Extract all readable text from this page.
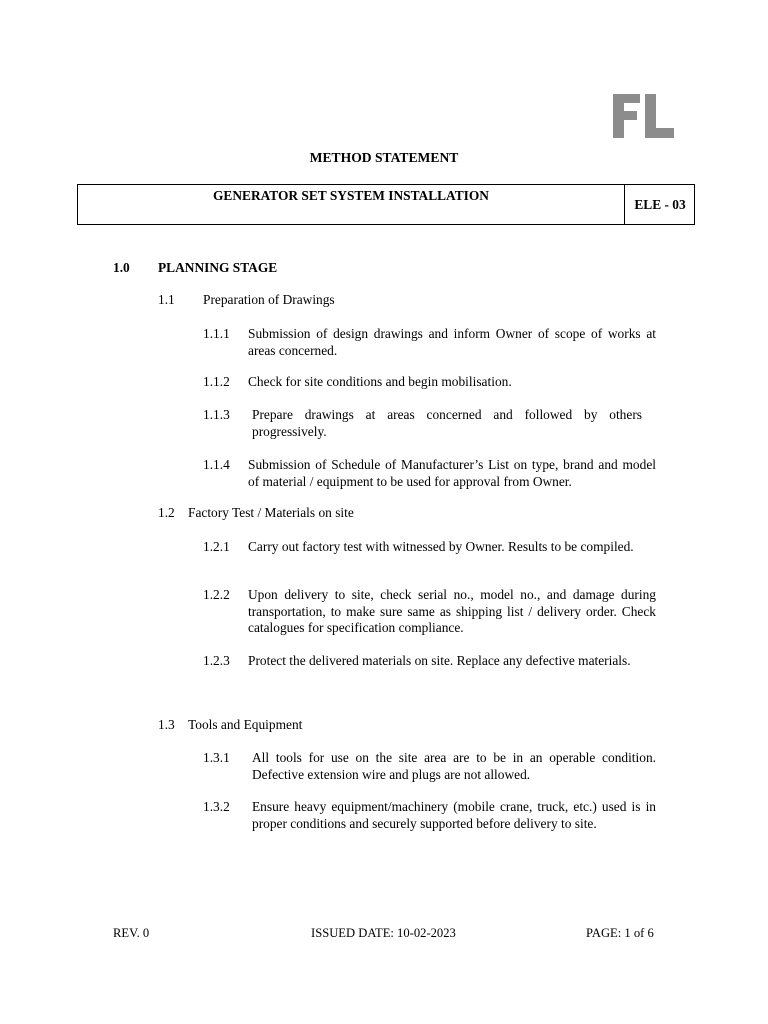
METHOD STATEMENT
GENERATOR SET SYSTEM INSTALLATION
ELE - 03
1.0 PLANNING STAGE
1.1 Preparation of Drawings
1.1.1 Submission of design drawings and inform Owner of scope of works at areas concerned.
1.1.2 Check for site conditions and begin mobilisation.
1.1.3 Prepare drawings at areas concerned and followed by others progressively.
1.1.4 Submission of Schedule of Manufacturer’s List on type, brand and model of material / equipment to be used for approval from Owner.
1.2 Factory Test / Materials on site
1.2.1 Carry out factory test with witnessed by Owner. Results to be compiled.
1.2.2 Upon delivery to site, check serial no., model no., and damage during transportation, to make sure same as shipping list / delivery order. Check catalogues for specification compliance.
1.2.3 Protect the delivered materials on site. Replace any defective materials.
1.3 Tools and Equipment
1.3.1 All tools for use on the site area are to be in an operable condition. Defective extension wire and plugs are not allowed.
1.3.2 Ensure heavy equipment/machinery (mobile crane, truck, etc.) used is in proper conditions and securely supported before delivery to site.
REV. 0	ISSUED DATE: 10-02-2023	PAGE: 1 of 6
